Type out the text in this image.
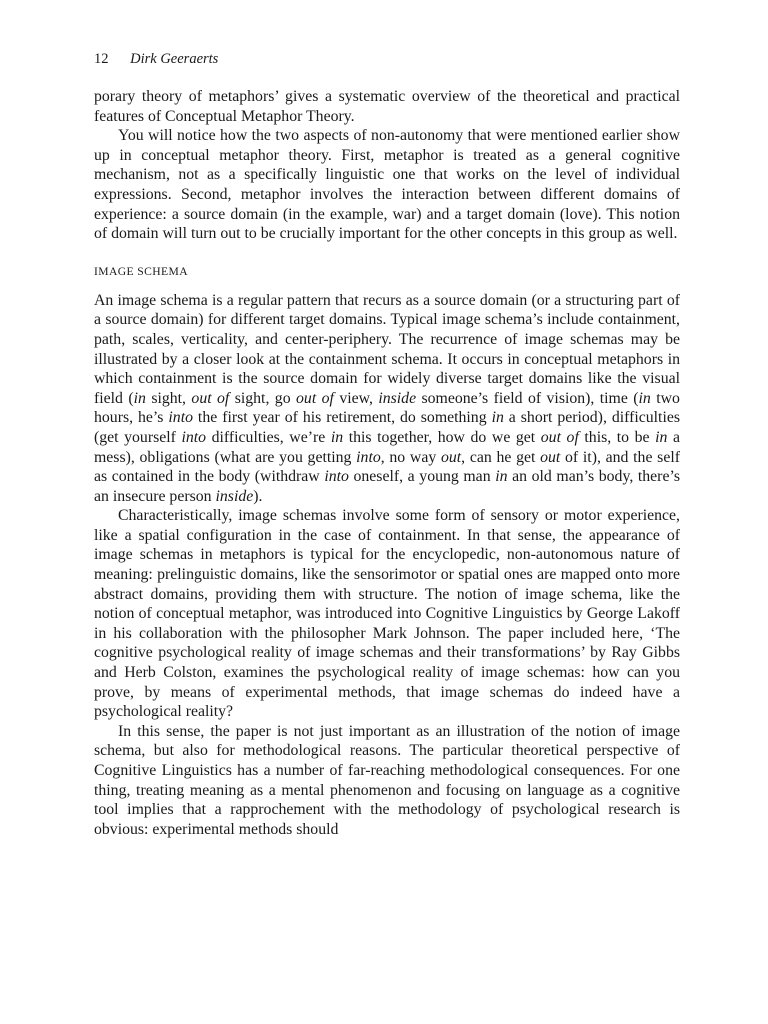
12 Dirk Geeraerts

porary theory of metaphors’ gives a systematic overview of the theoretical and practical features of Conceptual Metaphor Theory.

You will notice how the two aspects of non-autonomy that were mentioned earlier show up in conceptual metaphor theory. First, metaphor is treated as a general cognitive mechanism, not as a specifically linguistic one that works on the level of individual expressions. Second, metaphor involves the interaction between different domains of experience: a source domain (in the example, war) and a target domain (love). This notion of domain will turn out to be crucially important for the other concepts in this group as well.

IMAGE SCHEMA

An image schema is a regular pattern that recurs as a source domain (or a structuring part of a source domain) for different target domains. Typical image schema’s include containment, path, scales, verticality, and center-periphery. The recurrence of image schemas may be illustrated by a closer look at the containment schema. It occurs in conceptual metaphors in which containment is the source domain for widely diverse target domains like the visual field (in sight, out of sight, go out of view, inside someone’s field of vision), time (in two hours, he’s into the first year of his retirement, do something in a short period), difficulties (get yourself into difficulties, we’re in this together, how do we get out of this, to be in a mess), obligations (what are you getting into, no way out, can he get out of it), and the self as contained in the body (withdraw into oneself, a young man in an old man’s body, there’s an insecure person inside).

Characteristically, image schemas involve some form of sensory or motor experience, like a spatial configuration in the case of containment. In that sense, the appearance of image schemas in metaphors is typical for the encyclopedic, non-autonomous nature of meaning: prelinguistic domains, like the sensorimotor or spatial ones are mapped onto more abstract domains, providing them with structure. The notion of image schema, like the notion of conceptual metaphor, was introduced into Cognitive Linguistics by George Lakoff in his collaboration with the philosopher Mark Johnson. The paper included here, ‘The cognitive psychological reality of image schemas and their transformations’ by Ray Gibbs and Herb Colston, examines the psychological reality of image schemas: how can you prove, by means of experimental methods, that image schemas do indeed have a psychological reality?

In this sense, the paper is not just important as an illustration of the notion of image schema, but also for methodological reasons. The particular theoretical perspective of Cognitive Linguistics has a number of far-reaching methodological consequences. For one thing, treating meaning as a mental phenomenon and focusing on language as a cognitive tool implies that a rapprochement with the methodology of psychological research is obvious: experimental methods should
